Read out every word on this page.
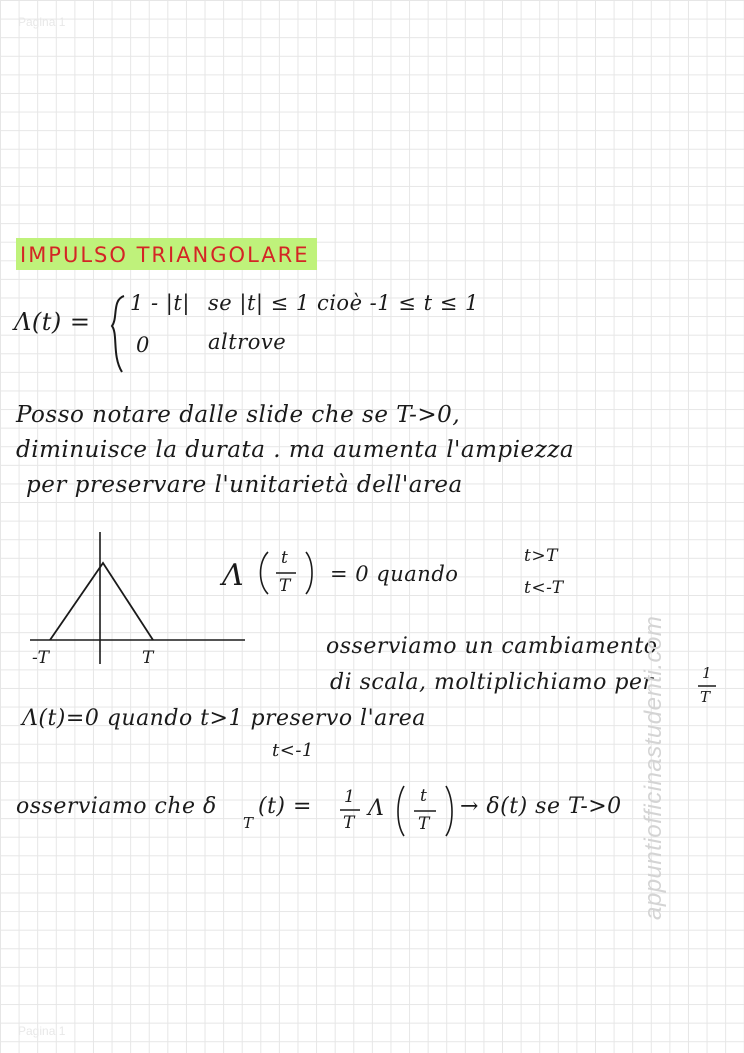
Pagina 1
IMPULSO TRIANGOLARE
Λ(t) =
1 - |t| se |t| ≤ 1 cioè -1 ≤ t ≤ 1
0	altrove
Posso notare dalle slide che se T->0,
diminuisce la durata . ma aumenta l'ampiezza
per preservare l'unitarietà dell'area
-T	T
Λ t
T = 0 quando
t>T
t<-T
osserviamo un cambiamento
di scala, moltiplichiamo per	1
T
Λ(t)=0 quando t>1 preservo l'area
t<-1
osserviamo che δ
T
(t) = 1
T
Λ t
T
→ δ(t) se T->0 appuntiofficinastudenti.com
Pagina 1
